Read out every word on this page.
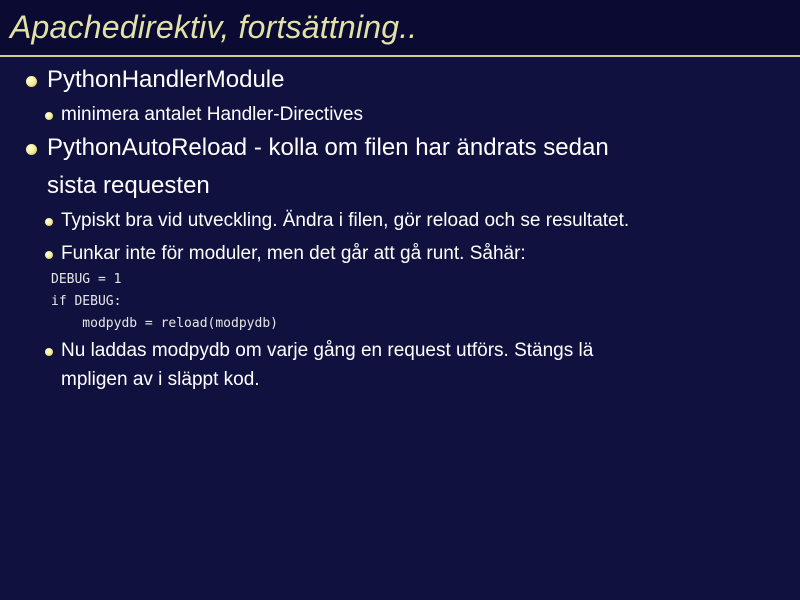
Apachedirektiv, fortsättning..
PythonHandlerModule
minimera antalet Handler-Directives
PythonAutoReload - kolla om filen har ändrats sedan
sista requesten
Typiskt bra vid utveckling. Ändra i filen, gör reload och se resultatet.
Funkar inte för moduler, men det går att gå runt. Såhär:
DEBUG = 1
if DEBUG:
modpydb = reload(modpydb)
Nu laddas modpydb om varje gång en request utförs. Stängs lä
mpligen av i släppt kod.
